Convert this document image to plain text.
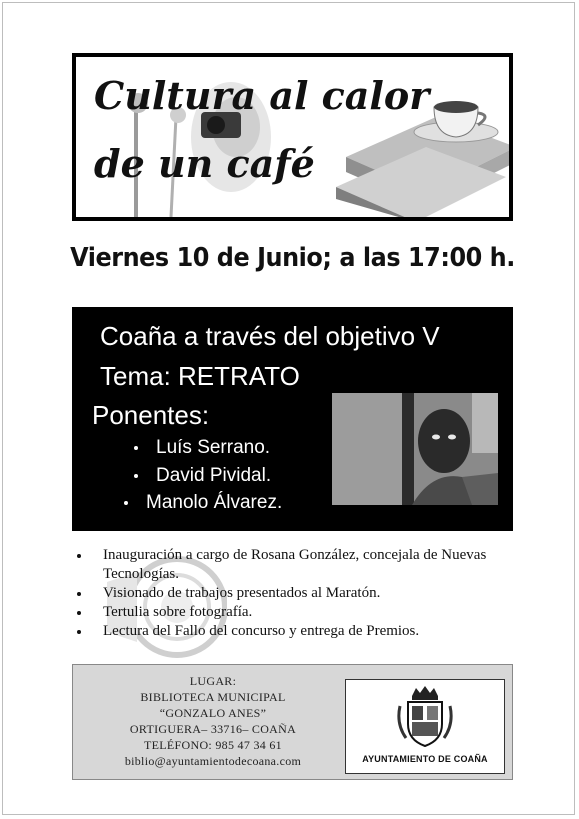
Cultura al calor
de un café
Viernes 10 de Junio; a las 17:00 h.
Coaña a través del objetivo V
Tema: RETRATO
Ponentes:
Luís Serrano.
David Pividal.
Manolo Álvarez.
Inauguración a cargo de Rosana González, concejala de Nuevas Tecnologías.
Visionado de trabajos presentados al Maratón.
Tertulia sobre fotografía.
Lectura del Fallo del concurso y entrega de Premios.
LUGAR:
BIBLIOTECA MUNICIPAL
“GONZALO ANES”
ORTIGUERA– 33716– COAÑA
TELÉFONO: 985 47 34 61
biblio@ayuntamientodecoana.com	AYUNTAMIENTO DE COAÑA
